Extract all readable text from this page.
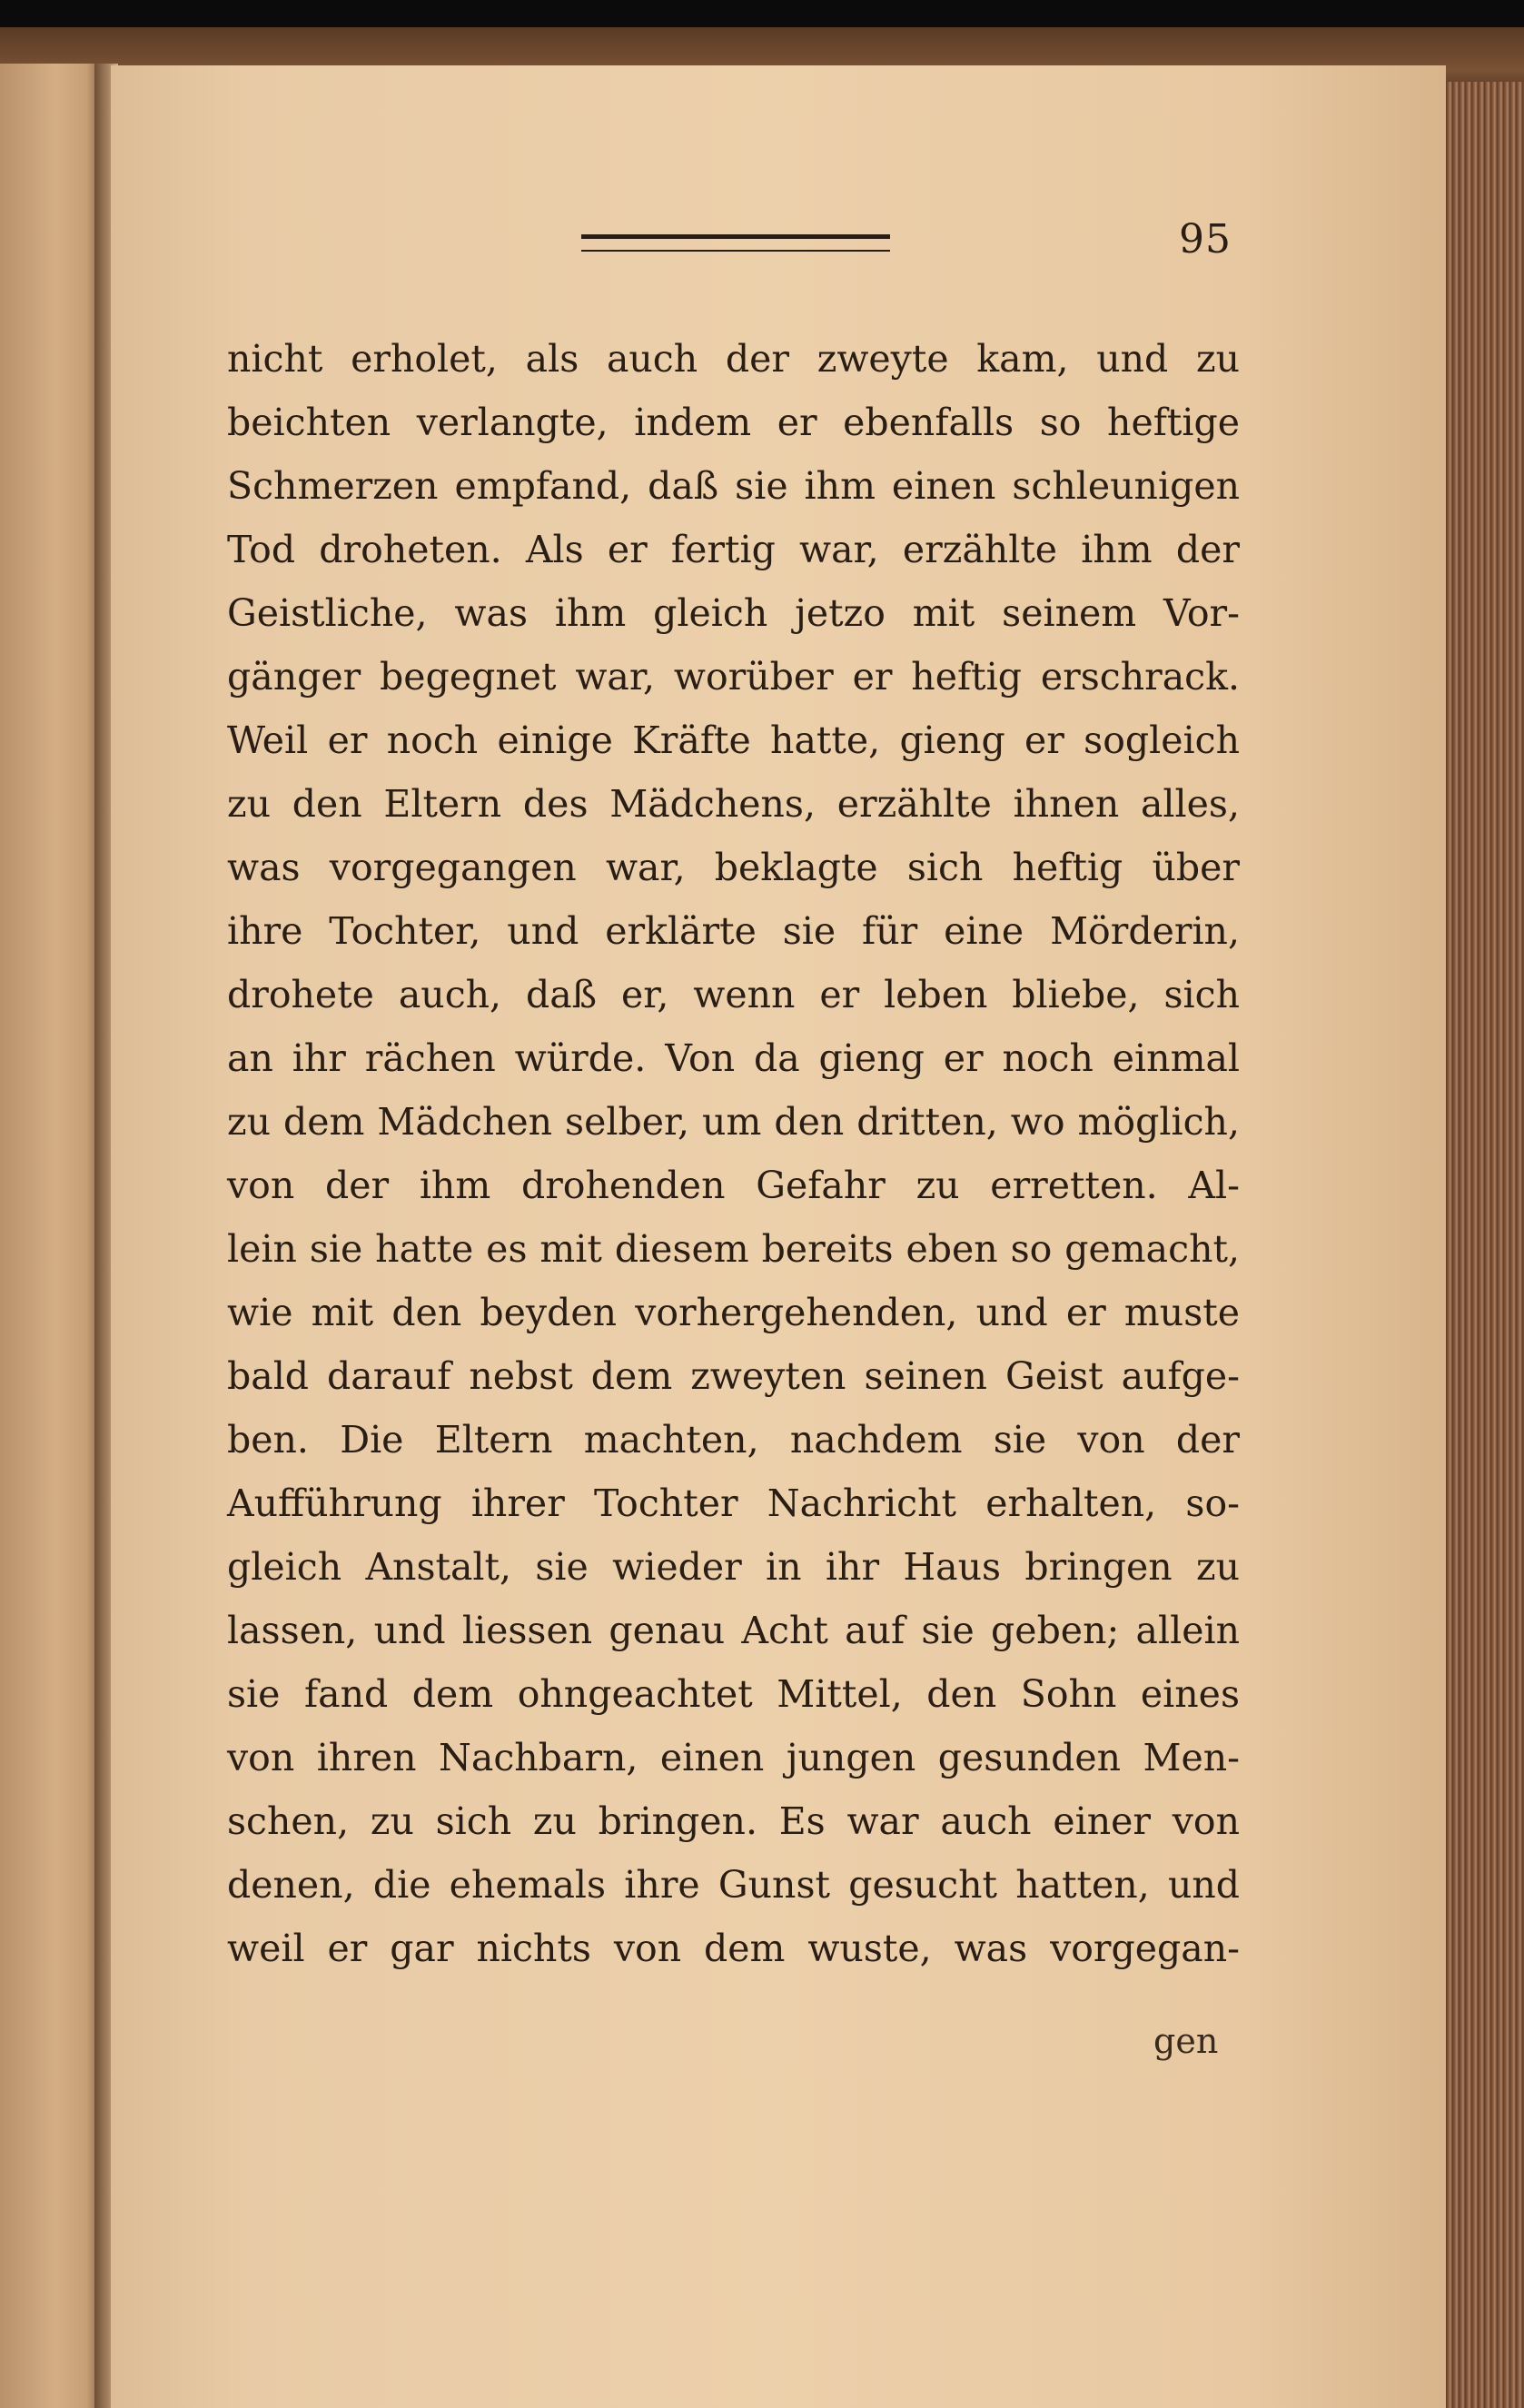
95
nicht erholet, als auch der zweyte kam, und zu
beichten verlangte, indem er ebenfalls so heftige
Schmerzen empfand, daß sie ihm einen schleunigen
Tod droheten. Als er fertig war, erzählte ihm der
Geistliche, was ihm gleich jetzo mit seinem Vor-
gänger begegnet war, worüber er heftig erschrack.
Weil er noch einige Kräfte hatte, gieng er sogleich
zu den Eltern des Mädchens, erzählte ihnen alles,
was vorgegangen war, beklagte sich heftig über
ihre Tochter, und erklärte sie für eine Mörderin,
drohete auch, daß er, wenn er leben bliebe, sich
an ihr rächen würde. Von da gieng er noch einmal
zu dem Mädchen selber, um den dritten, wo möglich,
von der ihm drohenden Gefahr zu erretten. Al-
lein sie hatte es mit diesem bereits eben so gemacht,
wie mit den beyden vorhergehenden, und er muste
bald darauf nebst dem zweyten seinen Geist aufge-
ben. Die Eltern machten, nachdem sie von der
Aufführung ihrer Tochter Nachricht erhalten, so-
gleich Anstalt, sie wieder in ihr Haus bringen zu
lassen, und liessen genau Acht auf sie geben; allein
sie fand dem ohngeachtet Mittel, den Sohn eines
von ihren Nachbarn, einen jungen gesunden Men-
schen, zu sich zu bringen. Es war auch einer von
denen, die ehemals ihre Gunst gesucht hatten, und
weil er gar nichts von dem wuste, was vorgegan-
gen
